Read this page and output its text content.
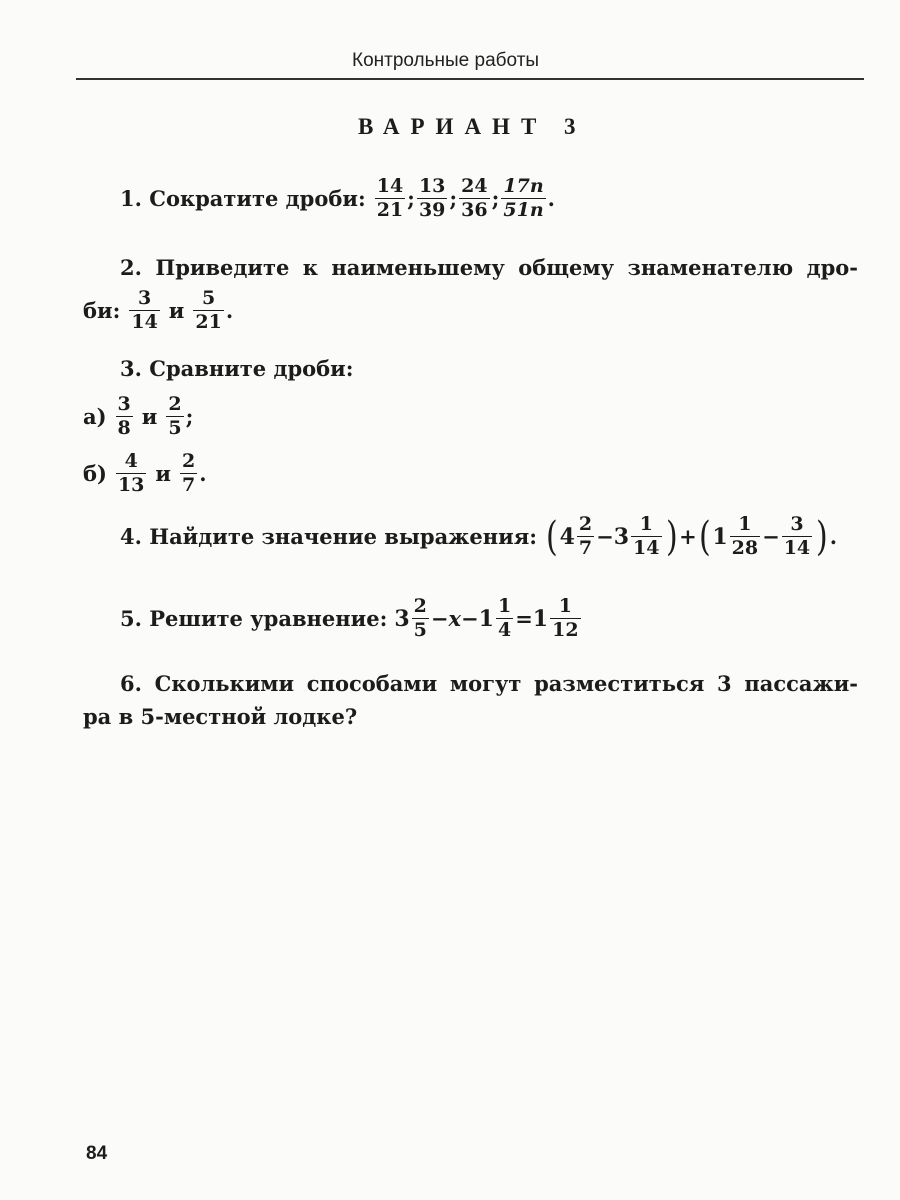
Контрольные работы
ВАРИАНТ 3
1. Сократите дроби: $\frac{14}{21}$ ; $\frac{13}{39}$ ; $\frac{24}{36}$ ; $\frac{17n}{51n}$ .
2. Приведите к наименьшему общему знаменателю дро-
би: $\frac{3}{14}$ и $\frac{5}{21}$ .
3. Сравните дроби:
$а) \frac{3}{8}$ и $\frac{2}{5}$ ;
$б) \frac{4}{13}$ и $\frac{2}{7}$ .
4. Найдите значение выражения: ( $4 \frac{2}{7} - 3 \frac{1}{14}$ ) + ( $1 \frac{1}{28} - \frac{3}{14}$ ) .
5. Решите уравнение: $3 \frac{2}{5} - x - 1 \frac{1}{4} = 1 \frac{1}{12}$
6. Сколькими способами могут разместиться 3 пассажи-
ра в 5-местной лодке?
84
